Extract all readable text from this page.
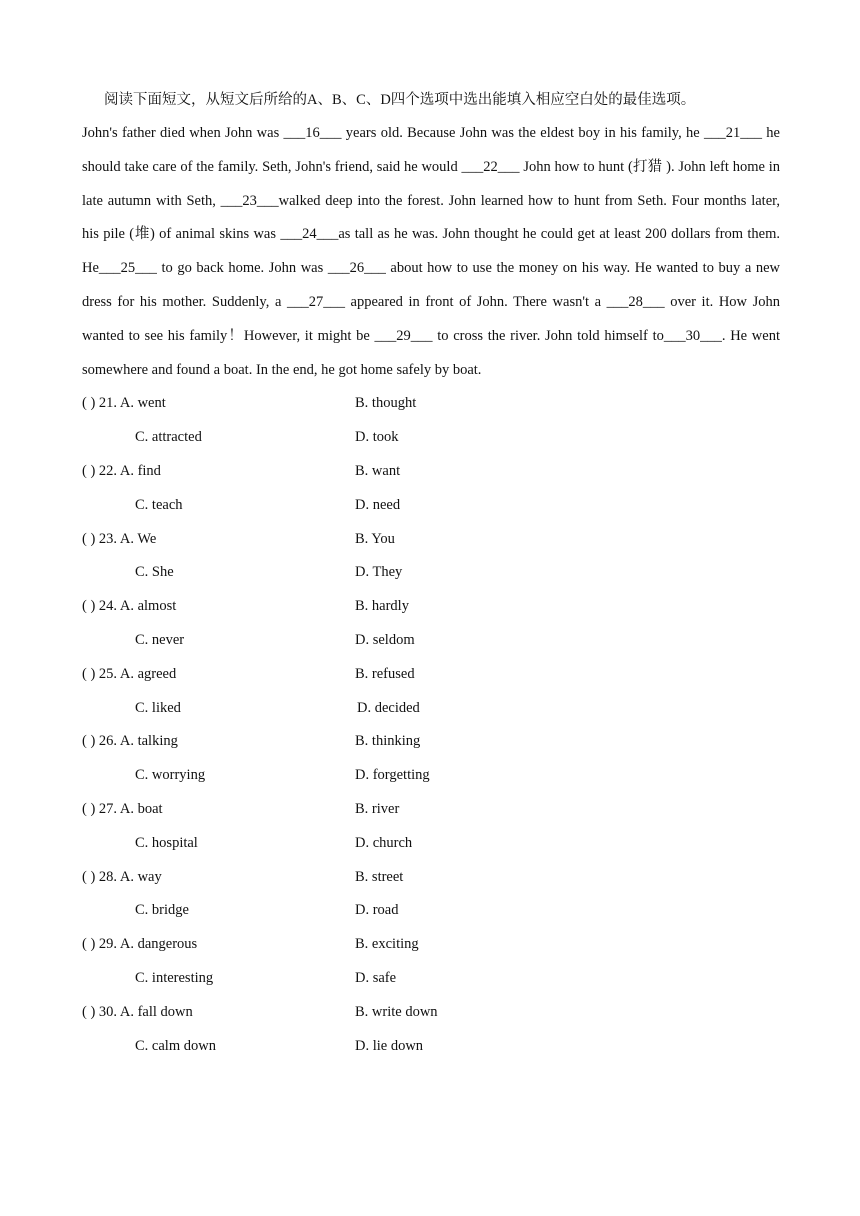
阅读下面短文，从短文后所给的A、B、C、D四个选项中选出能填入相应空白处的最佳选项。
John's father died when John was ___16___ years old. Because John was the eldest boy in his family, he ___21___ he should take care of the family. Seth, John's friend, said he would ___22___ John how to hunt (打猎 ). John left home in late autumn with Seth, ___23___walked deep into the forest. John learned how to hunt from Seth. Four months later, his pile (堆) of animal skins was ___24___as tall as he was. John thought he could get at least 200 dollars from them. He___25___ to go back home. John was ___26___ about how to use the money on his way. He wanted to buy a new dress for his mother. Suddenly, a ___27___ appeared in front of John. There wasn't a ___28___ over it. How John wanted to see his family！However, it might be ___29___ to cross the river. John told himself to___30___. He went somewhere and found a boat. In the end, he got home safely by boat.
( ) 21. A. went	B. thought
C. attracted	D. took
( ) 22. A. find	B. want
C. teach	D. need
( ) 23. A. We	B. You
C. She	D. They
( ) 24. A. almost	B. hardly
C. never	D. seldom
( ) 25. A. agreed	B. refused
C. liked	D. decided
( ) 26. A. talking	B. thinking
C. worrying	D. forgetting
( ) 27. A. boat	B. river
C. hospital	D. church
( ) 28. A. way	B. street
C. bridge	D. road
( ) 29. A. dangerous	B. exciting
C. interesting	D. safe
( ) 30. A. fall down	B. write down
C. calm down	D. lie down
